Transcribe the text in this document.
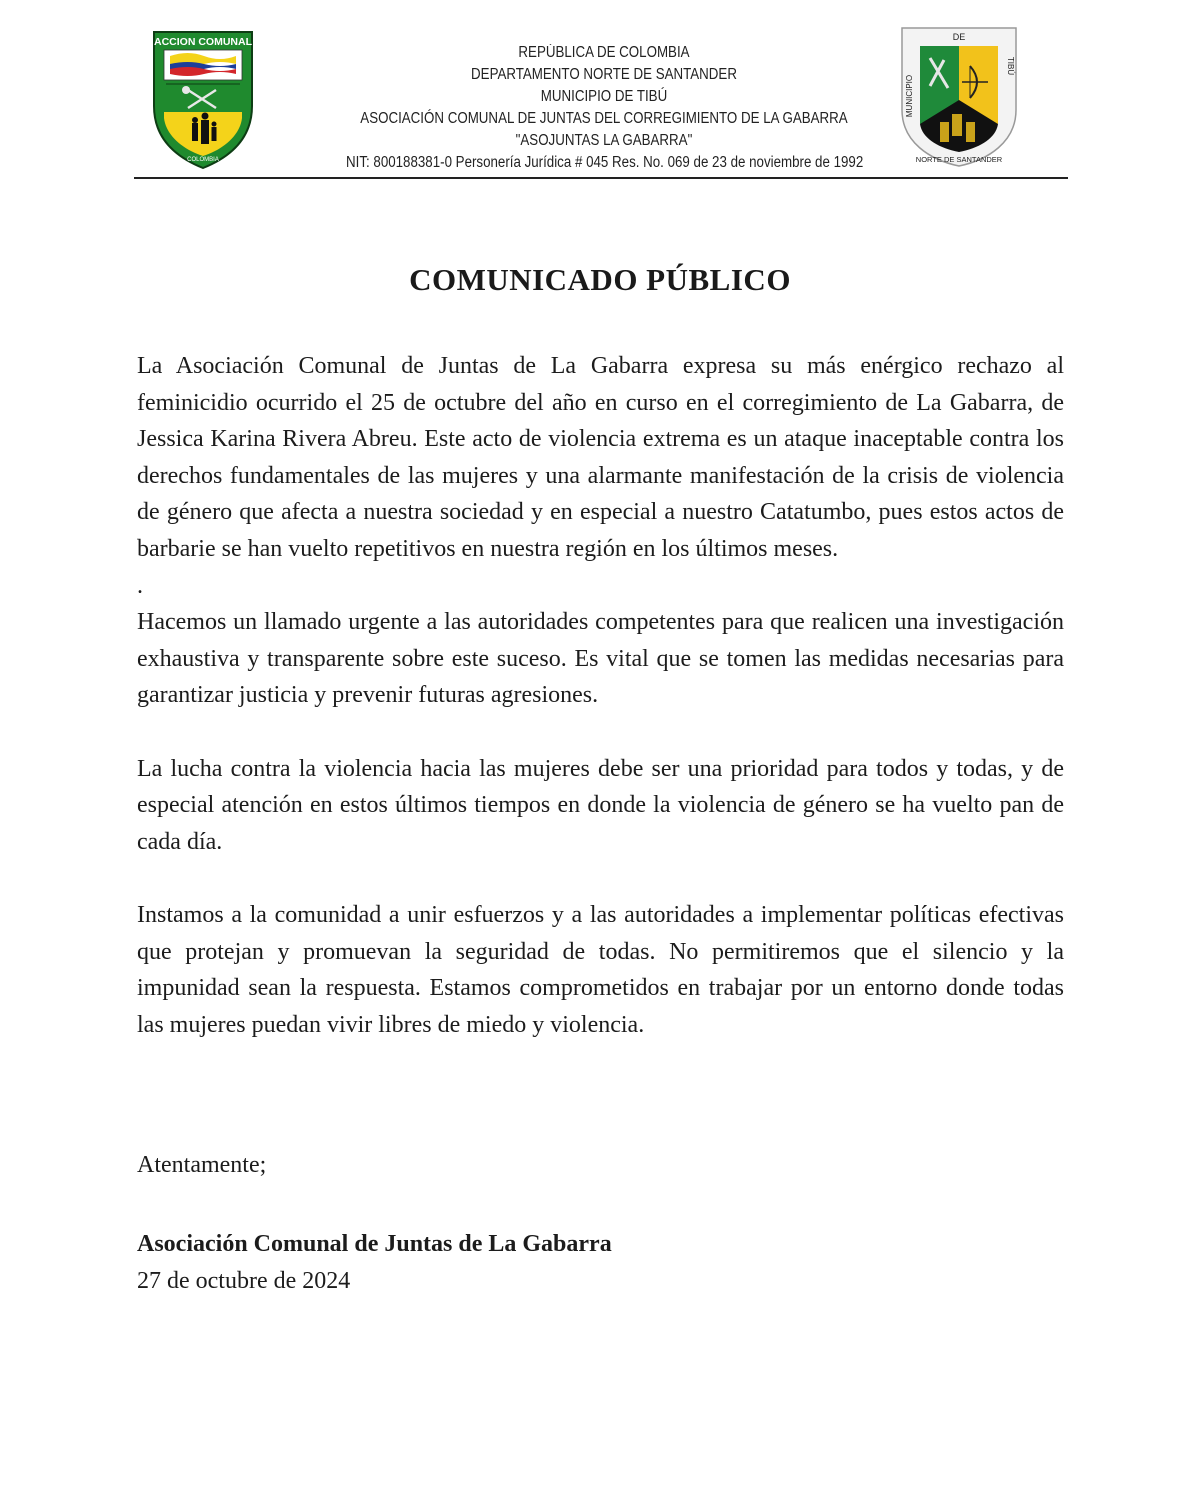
ACCION COMUNAL
COLOMBIA
REPÚBLICA DE COLOMBIA
DEPARTAMENTO NORTE DE SANTANDER
MUNICIPIO DE TIBÚ
ASOCIACIÓN COMUNAL DE JUNTAS DEL CORREGIMIENTO DE LA GABARRA
"ASOJUNTAS LA GABARRA"
NIT: 800188381-0 Personería Jurídica # 045 Res. No. 069 de 23 de noviembre de 1992
DE
MUNICIPIO
TIBÚ
NORTE DE SANTANDER
COMUNICADO PÚBLICO

La Asociación Comunal de Juntas de La Gabarra expresa su más enérgico rechazo al feminicidio ocurrido el 25 de octubre del año en curso en el corregimiento de La Gabarra, de Jessica Karina Rivera Abreu. Este acto de violencia extrema es un ataque inaceptable contra los derechos fundamentales de las mujeres y una alarmante manifestación de la crisis de violencia de género que afecta a nuestra sociedad y en especial a nuestro Catatumbo, pues estos actos de barbarie se han vuelto repetitivos en nuestra región en los últimos meses.

.

Hacemos un llamado urgente a las autoridades competentes para que realicen una investigación exhaustiva y transparente sobre este suceso. Es vital que se tomen las medidas necesarias para garantizar justicia y prevenir futuras agresiones.

La lucha contra la violencia hacia las mujeres debe ser una prioridad para todos y todas, y de especial atención en estos últimos tiempos en donde la violencia de género se ha vuelto pan de cada día.

Instamos a la comunidad a unir esfuerzos y a las autoridades a implementar políticas efectivas que protejan y promuevan la seguridad de todas. No permitiremos que el silencio y la impunidad sean la respuesta. Estamos comprometidos en trabajar por un entorno donde todas las mujeres puedan vivir libres de miedo y violencia.

Atentamente;
Asociación Comunal de Juntas de La Gabarra
27 de octubre de 2024
